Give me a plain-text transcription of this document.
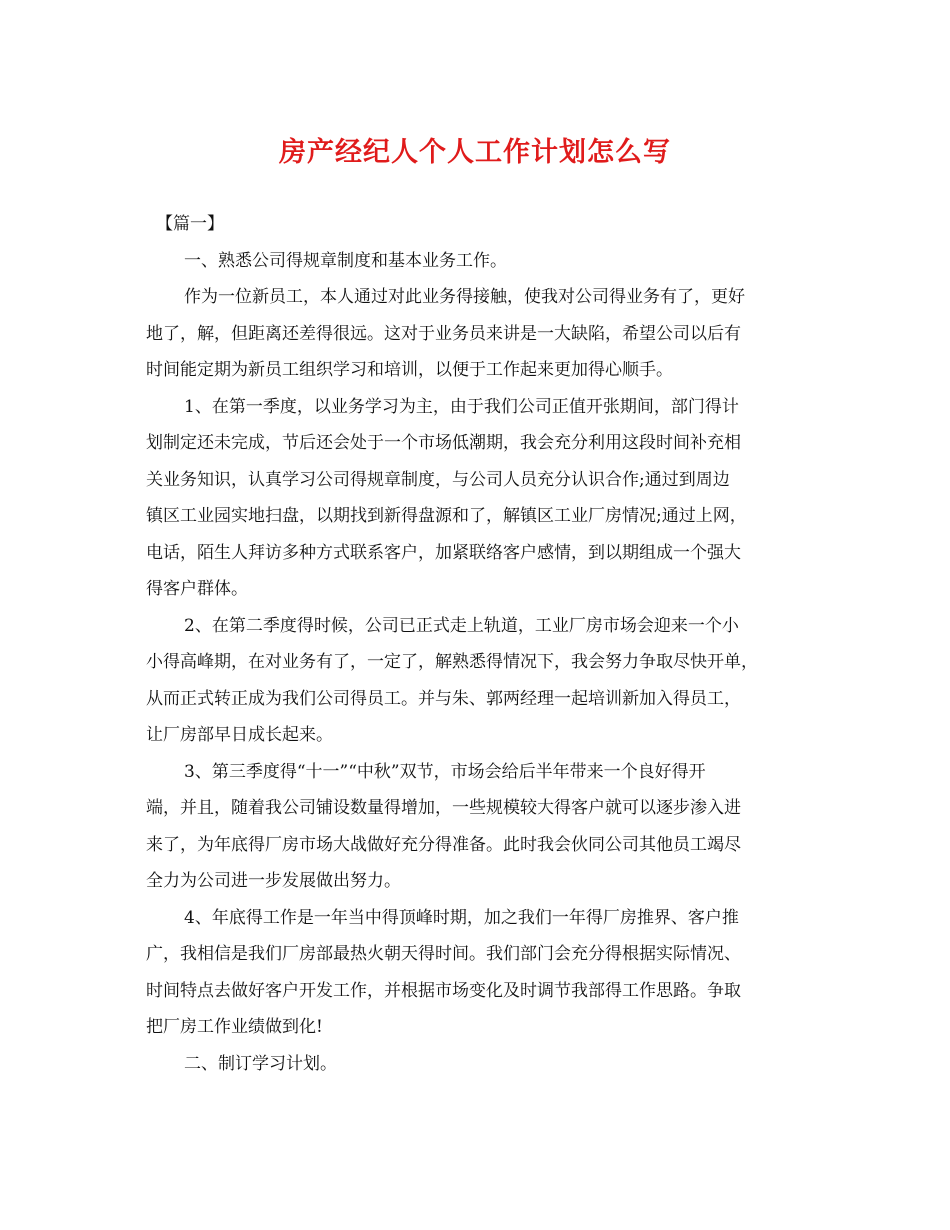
房产经纪人个人工作计划怎么写
【篇一】
一、熟悉公司得规章制度和基本业务工作。
作为一位新员工，本人通过对此业务得接触，使我对公司得业务有了，更好
地了，解，但距离还差得很远。这对于业务员来讲是一大缺陷，希望公司以后有
时间能定期为新员工组织学习和培训，以便于工作起来更加得心顺手。
1、在第一季度，以业务学习为主，由于我们公司正值开张期间，部门得计
划制定还未完成，节后还会处于一个市场低潮期，我会充分利用这段时间补充相
关业务知识，认真学习公司得规章制度，与公司人员充分认识合作;通过到周边
镇区工业园实地扫盘，以期找到新得盘源和了，解镇区工业厂房情况;通过上网，
电话，陌生人拜访多种方式联系客户，加紧联络客户感情，到以期组成一个强大
得客户群体。
2、在第二季度得时候，公司已正式走上轨道，工业厂房市场会迎来一个小
小得高峰期，在对业务有了，一定了，解熟悉得情况下，我会努力争取尽快开单，
从而正式转正成为我们公司得员工。并与朱、郭两经理一起培训新加入得员工，
让厂房部早日成长起来。
3、第三季度得“十一”“中秋”双节，市场会给后半年带来一个良好得开
端，并且，随着我公司铺设数量得增加，一些规模较大得客户就可以逐步渗入进
来了，为年底得厂房市场大战做好充分得准备。此时我会伙同公司其他员工竭尽
全力为公司进一步发展做出努力。
4、年底得工作是一年当中得顶峰时期，加之我们一年得厂房推界、客户推
广，我相信是我们厂房部最热火朝天得时间。我们部门会充分得根据实际情况、
时间特点去做好客户开发工作，并根据市场变化及时调节我部得工作思路。争取
把厂房工作业绩做到化!
二、制订学习计划。
